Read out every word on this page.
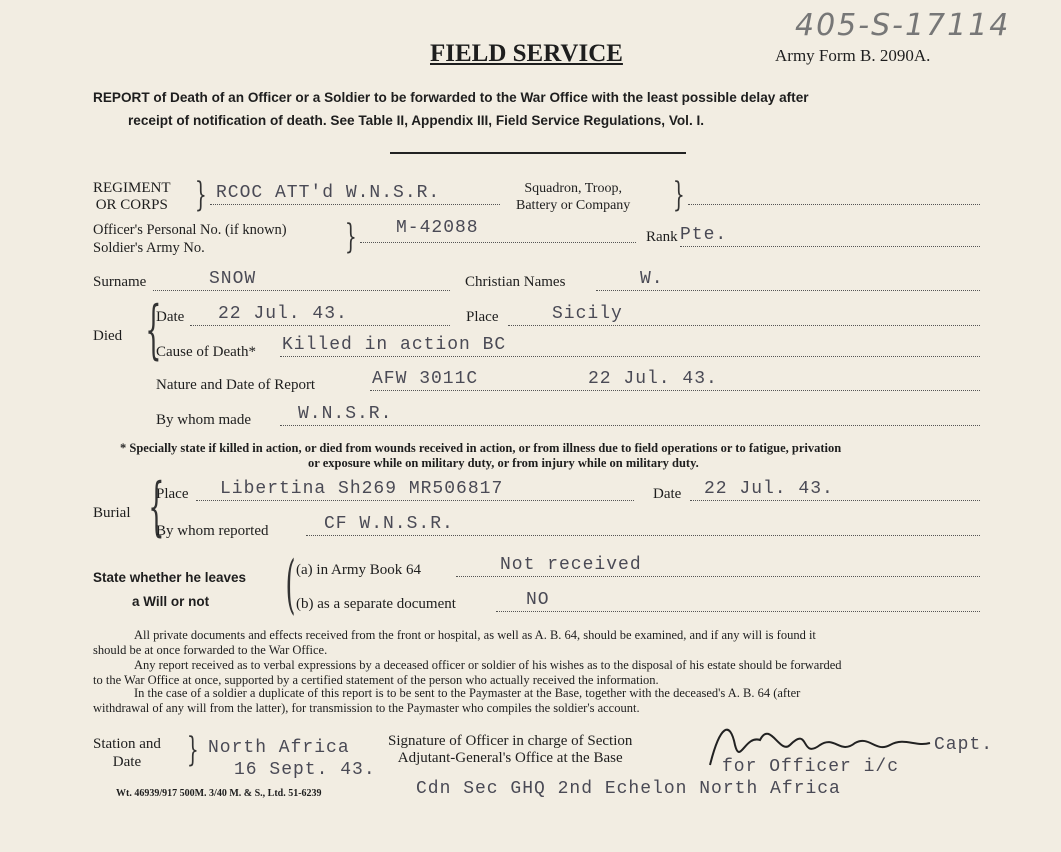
405-S-17114
FIELD SERVICE	Army Form B. 2090A.
REPORT of Death of an Officer or a Soldier to be forwarded to the War Office with the least possible delay after
receipt of notification of death. See Table II, Appendix III, Field Service Regulations, Vol. I.
REGIMENT
OR CORPS } RCOC ATT'd W.N.S.R.	Squadron, Troop,
Battery or Company }
Officer's Personal No. (if known)
Soldier's Army No.	} M-42088	Rank Pte.
Surname	SNOW	Christian Names	W.
Died {
Date 22 Jul. 43.	Place	Sicily
Cause of Death* Killed in action BC
Nature and Date of Report	AFW 3011C	22 Jul. 43.
By whom made	W.N.S.R.
* Specially state if killed in action, or died from wounds received in action, or from illness due to field operations or to fatigue, privation
or exposure while on military duty, or from injury while on military duty.
Burial {
Place Libertina Sh269 MR506817	Date 22 Jul. 43.
By whom reported	CF W.N.S.R.
State whether he leaves
a Will or not ( (a) in Army Book 64	Not received
(b) as a separate document	NO
All private documents and effects received from the front or hospital, as well as A. B. 64, should be examined, and if any will is found it
should be at once forwarded to the War Office.
Any report received as to verbal expressions by a deceased officer or soldier of his wishes as to the disposal of his estate should be forwarded
to the War Office at once, supported by a certified statement of the person who actually received the information.
In the case of a soldier a duplicate of this report is to be sent to the Paymaster at the Base, together with the deceased's A. B. 64 (after
withdrawal of any will from the latter), for transmission to the Paymaster who compiles the soldier's account.
Station and
Date	} North Africa
16 Sept. 43.
Signature of Officer in charge of Section
Adjutant-General's Office at the Base
Capt.
for Officer i/c
Cdn Sec GHQ 2nd Echelon North Africa
Wt. 46939/917 500M. 3/40 M. & S., Ltd. 51-6239
